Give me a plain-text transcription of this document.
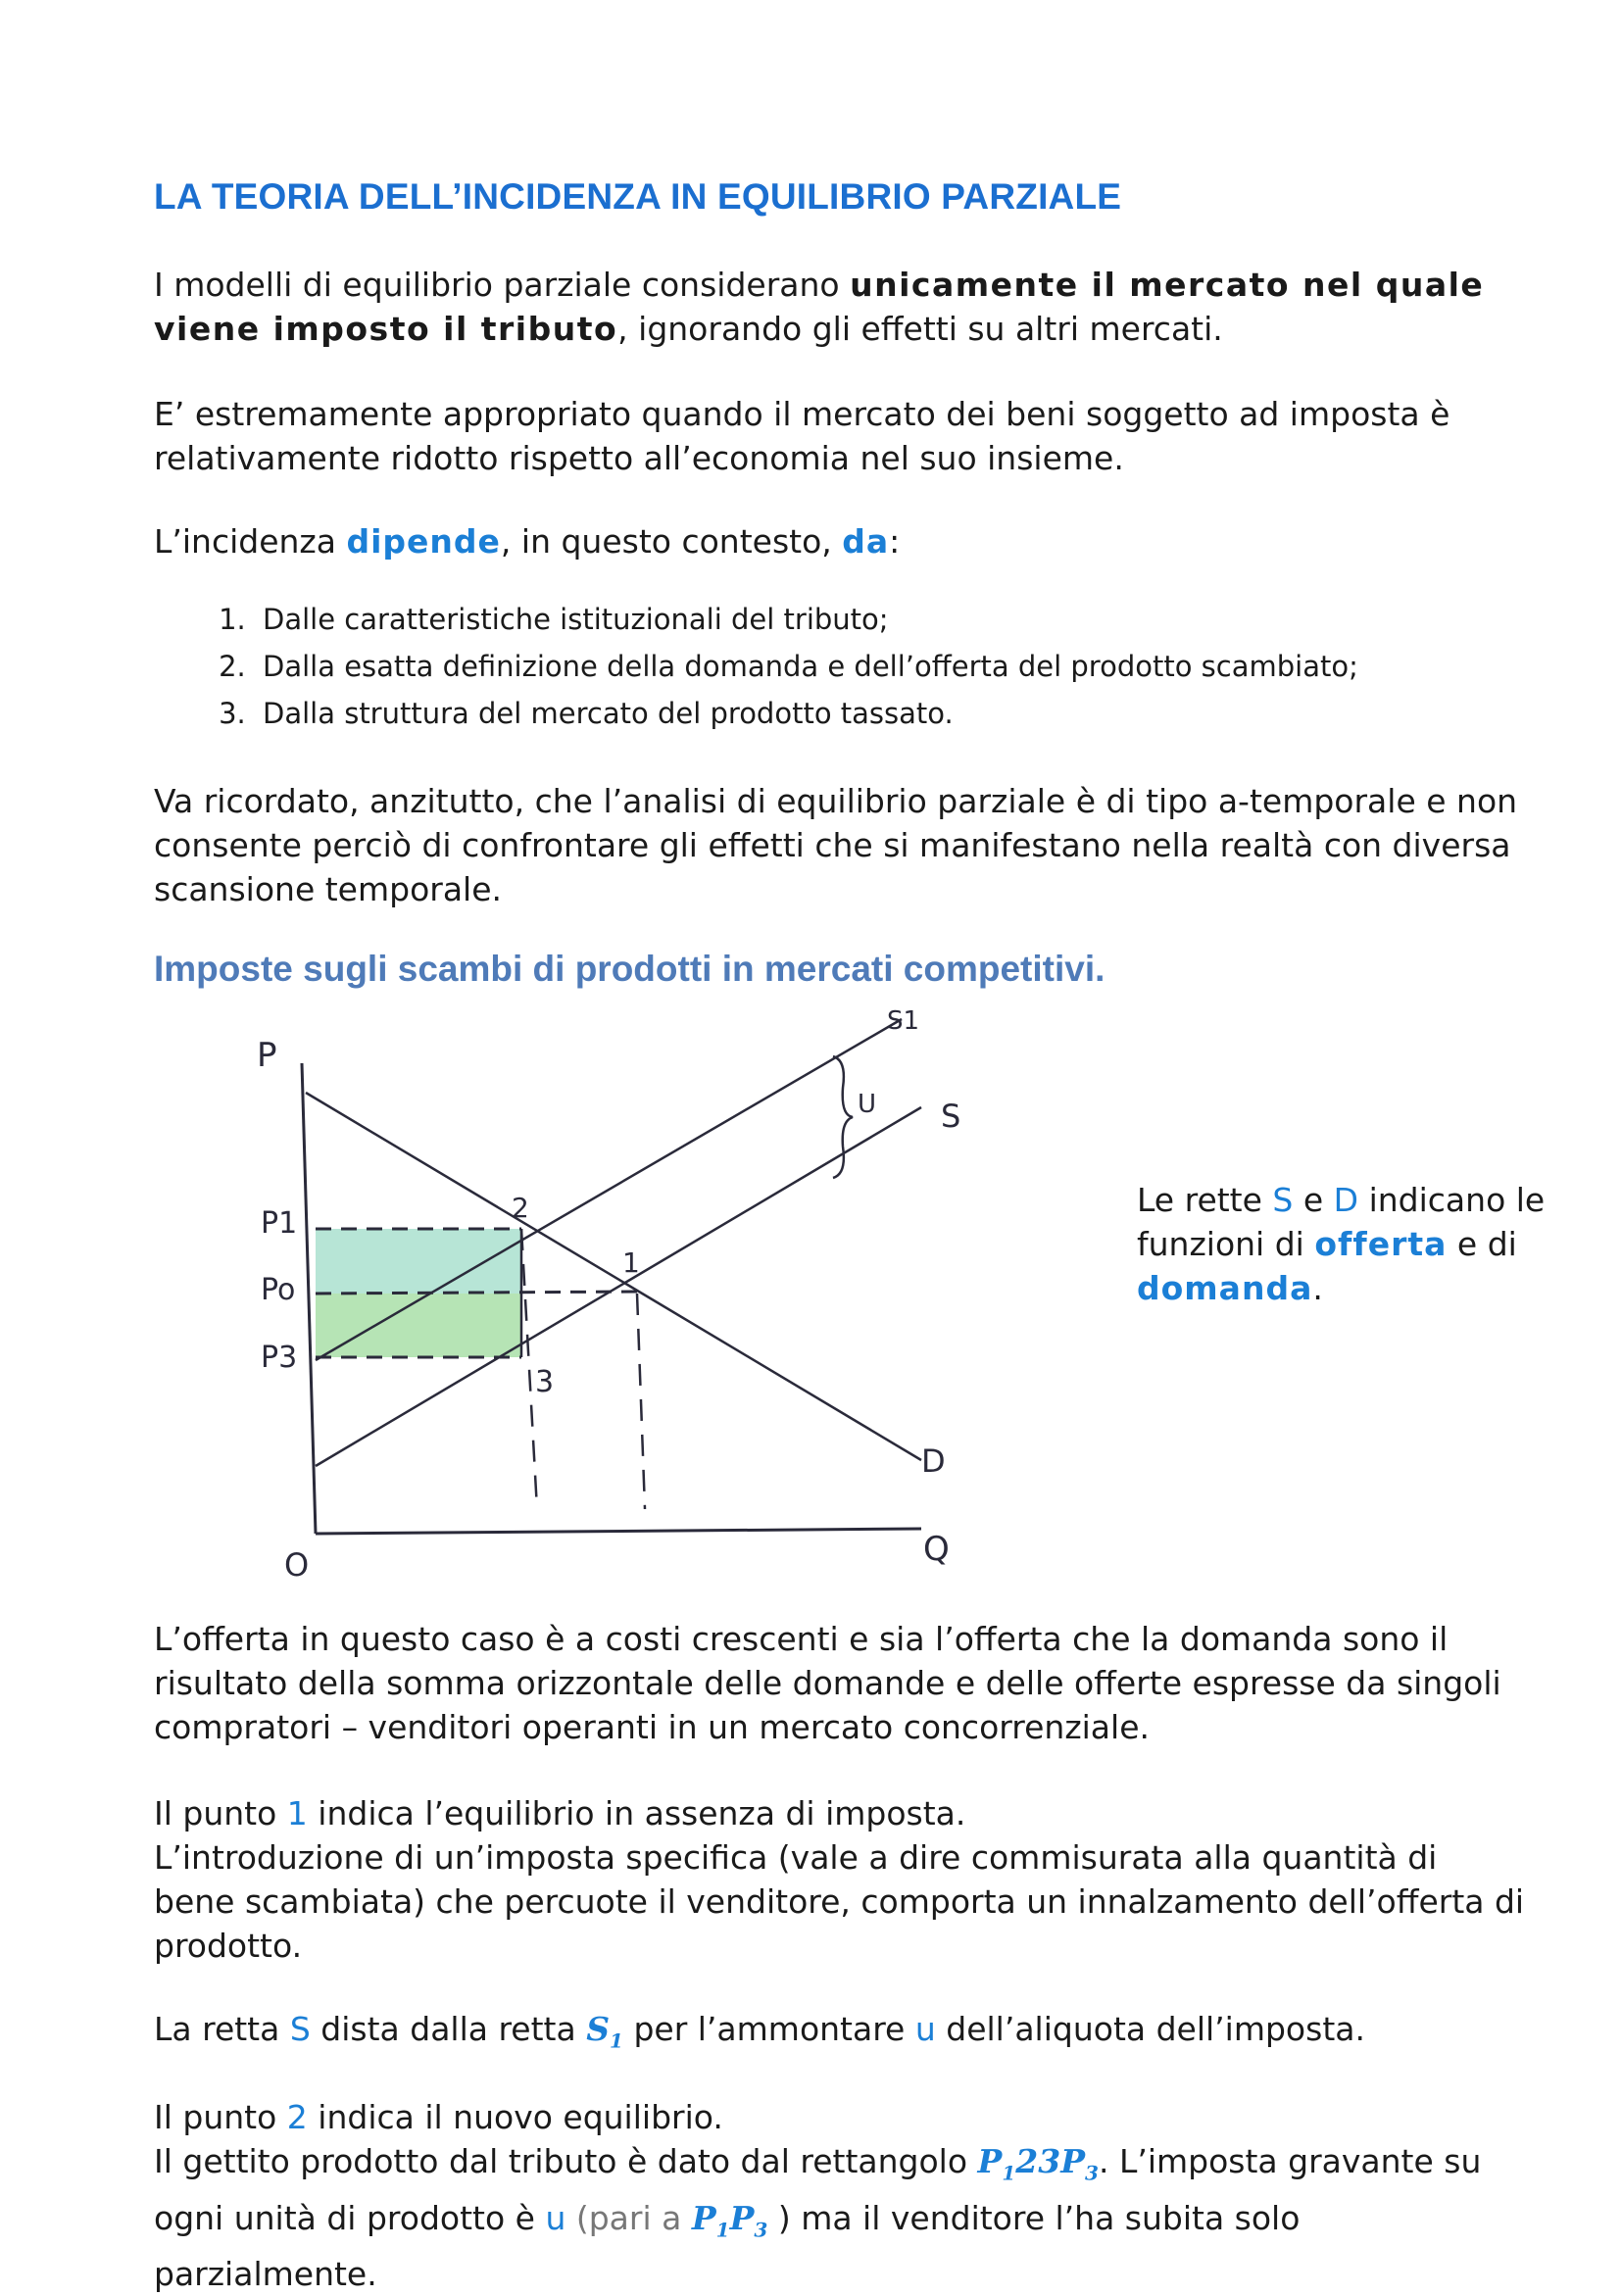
LA TEORIA DELL’INCIDENZA IN EQUILIBRIO PARZIALE

I modelli di equilibrio parziale considerano unicamente il mercato nel quale viene imposto il tributo, ignorando gli effetti su altri mercati.

E’ estremamente appropriato quando il mercato dei beni soggetto ad imposta è relativamente ridotto rispetto all’economia nel suo insieme.

L’incidenza dipende, in questo contesto, da:

1. Dalle caratteristiche istituzionali del tributo;
2. Dalla esatta definizione della domanda e dell’offerta del prodotto scambiato;
3. Dalla struttura del mercato del prodotto tassato.

Va ricordato, anzitutto, che l’analisi di equilibrio parziale è di tipo a-temporale e non consente perciò di confrontare gli effetti che si manifestano nella realtà con diversa scansione temporale.

Imposte sugli scambi di prodotti in mercati competitivi.
P
Q
O
S1
S
D
U
P1
Po
P3
1
2
3

Le rette S e D indicano le funzioni di offerta e di domanda.

L’offerta in questo caso è a costi crescenti e sia l’offerta che la domanda sono il risultato della somma orizzontale delle domande e delle offerte espresse da singoli compratori – venditori operanti in un mercato concorrenziale.

Il punto 1 indica l’equilibrio in assenza di imposta.
L’introduzione di un’imposta specifica (vale a dire commisurata alla quantità di bene scambiata) che percuote il venditore, comporta un innalzamento dell’offerta di prodotto.

La retta S dista dalla retta $S_1$ per l’ammontare u dell’aliquota dell’imposta.

Il punto 2 indica il nuovo equilibrio.
Il gettito prodotto dal tributo è dato dal rettangolo $P_123P_3$. L’imposta gravante su ogni unità di prodotto è u (pari a $P_1P_3$ ) ma il venditore l’ha subita solo parzialmente.
